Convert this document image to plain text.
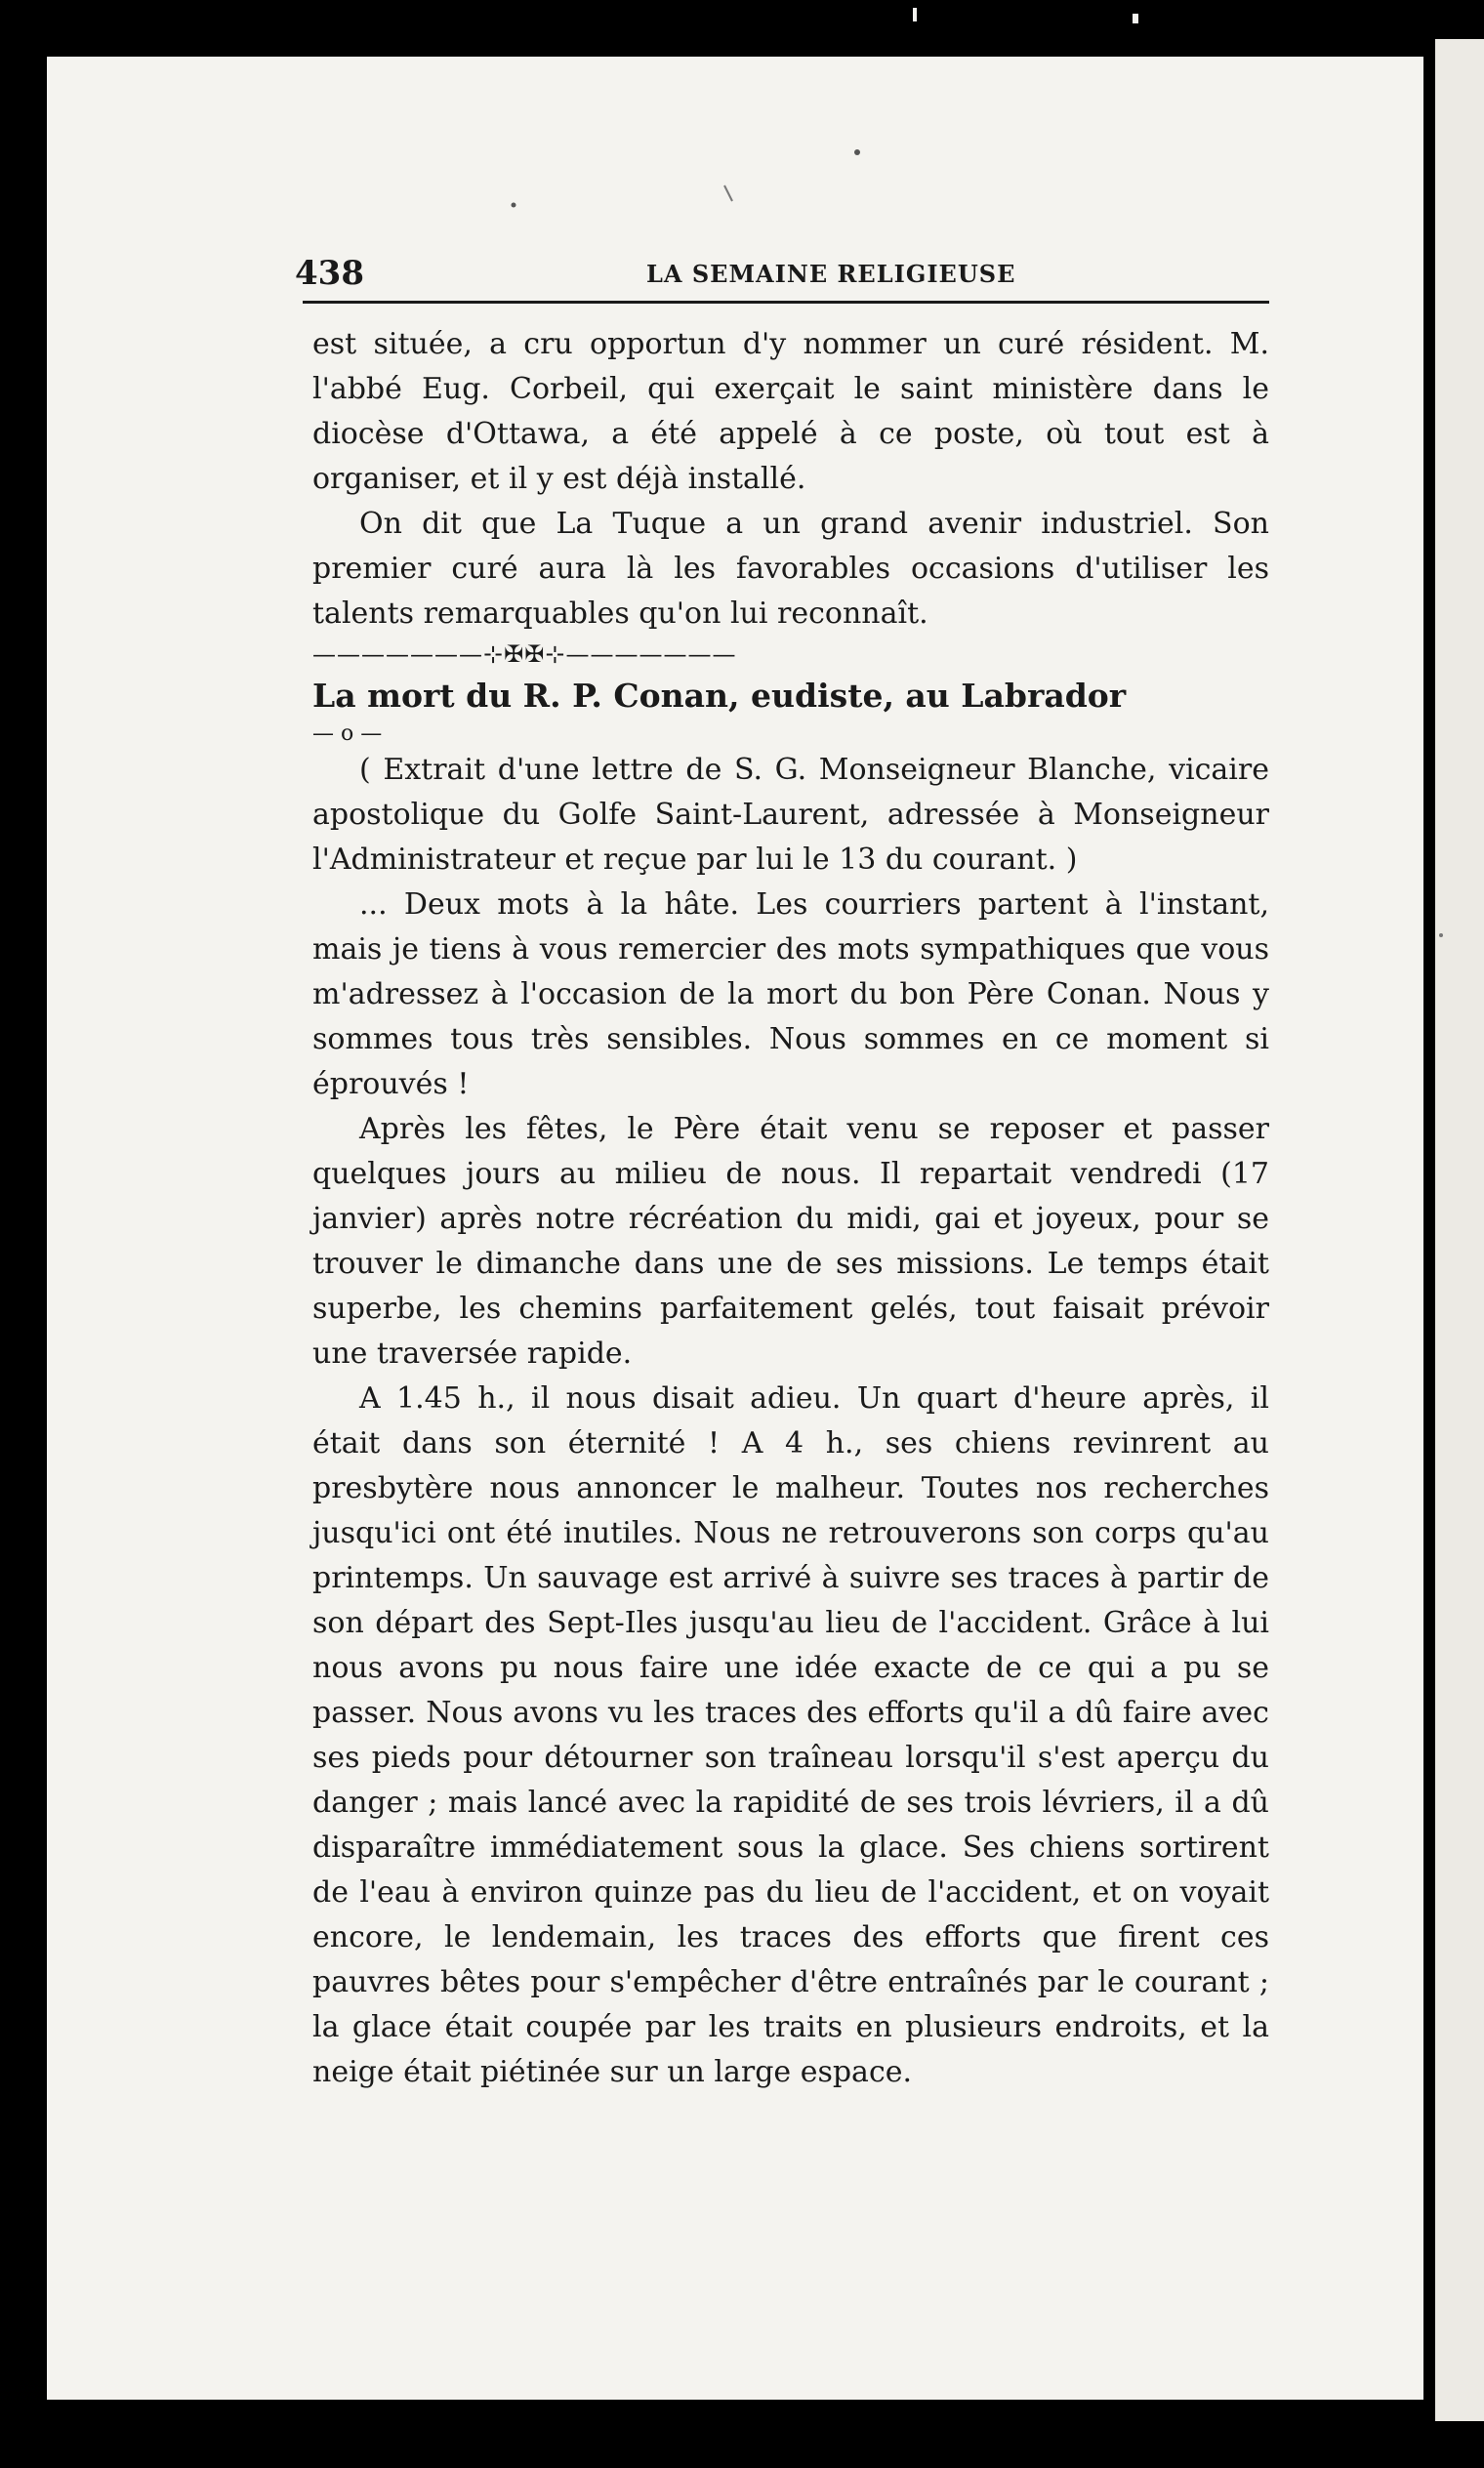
438	LA SEMAINE RELIGIEUSE

est située, a cru opportun d'y nommer un curé résident. M. l'abbé Eug. Corbeil, qui exerçait le saint ministère dans le diocèse d'Ottawa, a été appelé à ce poste, où tout est à organiser, et il y est déjà installé.

On dit que La Tuque a un grand avenir industriel. Son premier curé aura là les favorables occasions d'utiliser les talents remarquables qu'on lui reconnaît.

———————⊹✠✠⊹———————

La mort du R. P. Conan, eudiste, au Labrador

— o —

( Extrait d'une lettre de S. G. Monseigneur Blanche, vicaire apostolique du Golfe Saint-Laurent, adressée à Monseigneur l'Administrateur et reçue par lui le 13 du courant. )

... Deux mots à la hâte. Les courriers partent à l'instant, mais je tiens à vous remercier des mots sympathiques que vous m'adressez à l'occasion de la mort du bon Père Conan. Nous y sommes tous très sensibles. Nous sommes en ce moment si éprouvés !

Après les fêtes, le Père était venu se reposer et passer quelques jours au milieu de nous. Il repartait vendredi (17 janvier) après notre récréation du midi, gai et joyeux, pour se trouver le dimanche dans une de ses missions. Le temps était superbe, les chemins parfaitement gelés, tout faisait prévoir une traversée rapide.

A 1.45 h., il nous disait adieu. Un quart d'heure après, il était dans son éternité ! A 4 h., ses chiens revinrent au presbytère nous annoncer le malheur. Toutes nos recherches jusqu'ici ont été inutiles. Nous ne retrouverons son corps qu'au printemps. Un sauvage est arrivé à suivre ses traces à partir de son départ des Sept-Iles jusqu'au lieu de l'accident. Grâce à lui nous avons pu nous faire une idée exacte de ce qui a pu se passer. Nous avons vu les traces des efforts qu'il a dû faire avec ses pieds pour détourner son traîneau lorsqu'il s'est aperçu du danger ; mais lancé avec la rapidité de ses trois lévriers, il a dû disparaître immédiatement sous la glace. Ses chiens sortirent de l'eau à environ quinze pas du lieu de l'accident, et on voyait encore, le lendemain, les traces des efforts que firent ces pauvres bêtes pour s'empêcher d'être entraînés par le courant ; la glace était coupée par les traits en plusieurs endroits, et la neige était piétinée sur un large espace.
